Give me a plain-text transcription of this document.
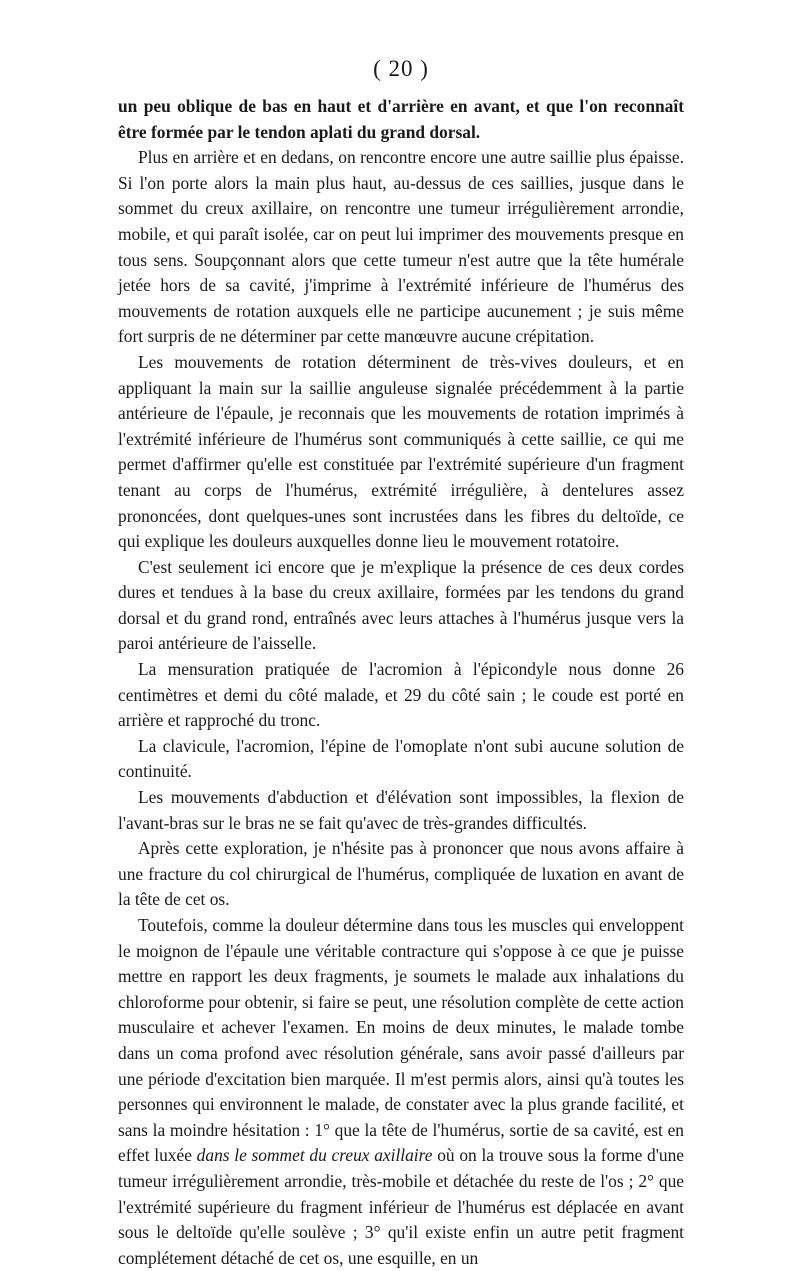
( 20 )

un peu oblique de bas en haut et d'arrière en avant, et que l'on reconnaît être formée par le tendon aplati du grand dorsal.

Plus en arrière et en dedans, on rencontre encore une autre saillie plus épaisse. Si l'on porte alors la main plus haut, au-dessus de ces saillies, jusque dans le sommet du creux axillaire, on rencontre une tumeur irrégulièrement arrondie, mobile, et qui paraît isolée, car on peut lui imprimer des mouvements presque en tous sens. Soupçonnant alors que cette tumeur n'est autre que la tête humérale jetée hors de sa cavité, j'imprime à l'extrémité inférieure de l'humérus des mouvements de rotation auxquels elle ne participe aucunement ; je suis même fort surpris de ne déterminer par cette manœuvre aucune crépitation.

Les mouvements de rotation déterminent de très-vives douleurs, et en appliquant la main sur la saillie anguleuse signalée précédemment à la partie antérieure de l'épaule, je reconnais que les mouvements de rotation imprimés à l'extrémité inférieure de l'humérus sont communiqués à cette saillie, ce qui me permet d'affirmer qu'elle est constituée par l'extrémité supérieure d'un fragment tenant au corps de l'humérus, extrémité irrégulière, à dentelures assez prononcées, dont quelques-unes sont incrustées dans les fibres du deltoïde, ce qui explique les douleurs auxquelles donne lieu le mouvement rotatoire.

C'est seulement ici encore que je m'explique la présence de ces deux cordes dures et tendues à la base du creux axillaire, formées par les tendons du grand dorsal et du grand rond, entraînés avec leurs attaches à l'humérus jusque vers la paroi antérieure de l'aisselle.

La mensuration pratiquée de l'acromion à l'épicondyle nous donne 26 centimètres et demi du côté malade, et 29 du côté sain ; le coude est porté en arrière et rapproché du tronc.

La clavicule, l'acromion, l'épine de l'omoplate n'ont subi aucune solution de continuité.

Les mouvements d'abduction et d'élévation sont impossibles, la flexion de l'avant-bras sur le bras ne se fait qu'avec de très-grandes difficultés.

Après cette exploration, je n'hésite pas à prononcer que nous avons affaire à une fracture du col chirurgical de l'humérus, compliquée de luxation en avant de la tête de cet os.

Toutefois, comme la douleur détermine dans tous les muscles qui enveloppent le moignon de l'épaule une véritable contracture qui s'oppose à ce que je puisse mettre en rapport les deux fragments, je soumets le malade aux inhalations du chloroforme pour obtenir, si faire se peut, une résolution complète de cette action musculaire et achever l'examen. En moins de deux minutes, le malade tombe dans un coma profond avec résolution générale, sans avoir passé d'ailleurs par une période d'excitation bien marquée. Il m'est permis alors, ainsi qu'à toutes les personnes qui environnent le malade, de constater avec la plus grande facilité, et sans la moindre hésitation : 1° que la tête de l'humérus, sortie de sa cavité, est en effet luxée dans le sommet du creux axillaire où on la trouve sous la forme d'une tumeur irrégulièrement arrondie, très-mobile et détachée du reste de l'os ; 2° que l'extrémité supérieure du fragment inférieur de l'humérus est déplacée en avant sous le deltoïde qu'elle soulève ; 3° qu'il existe enfin un autre petit fragment complétement détaché de cet os, une esquille, en un
